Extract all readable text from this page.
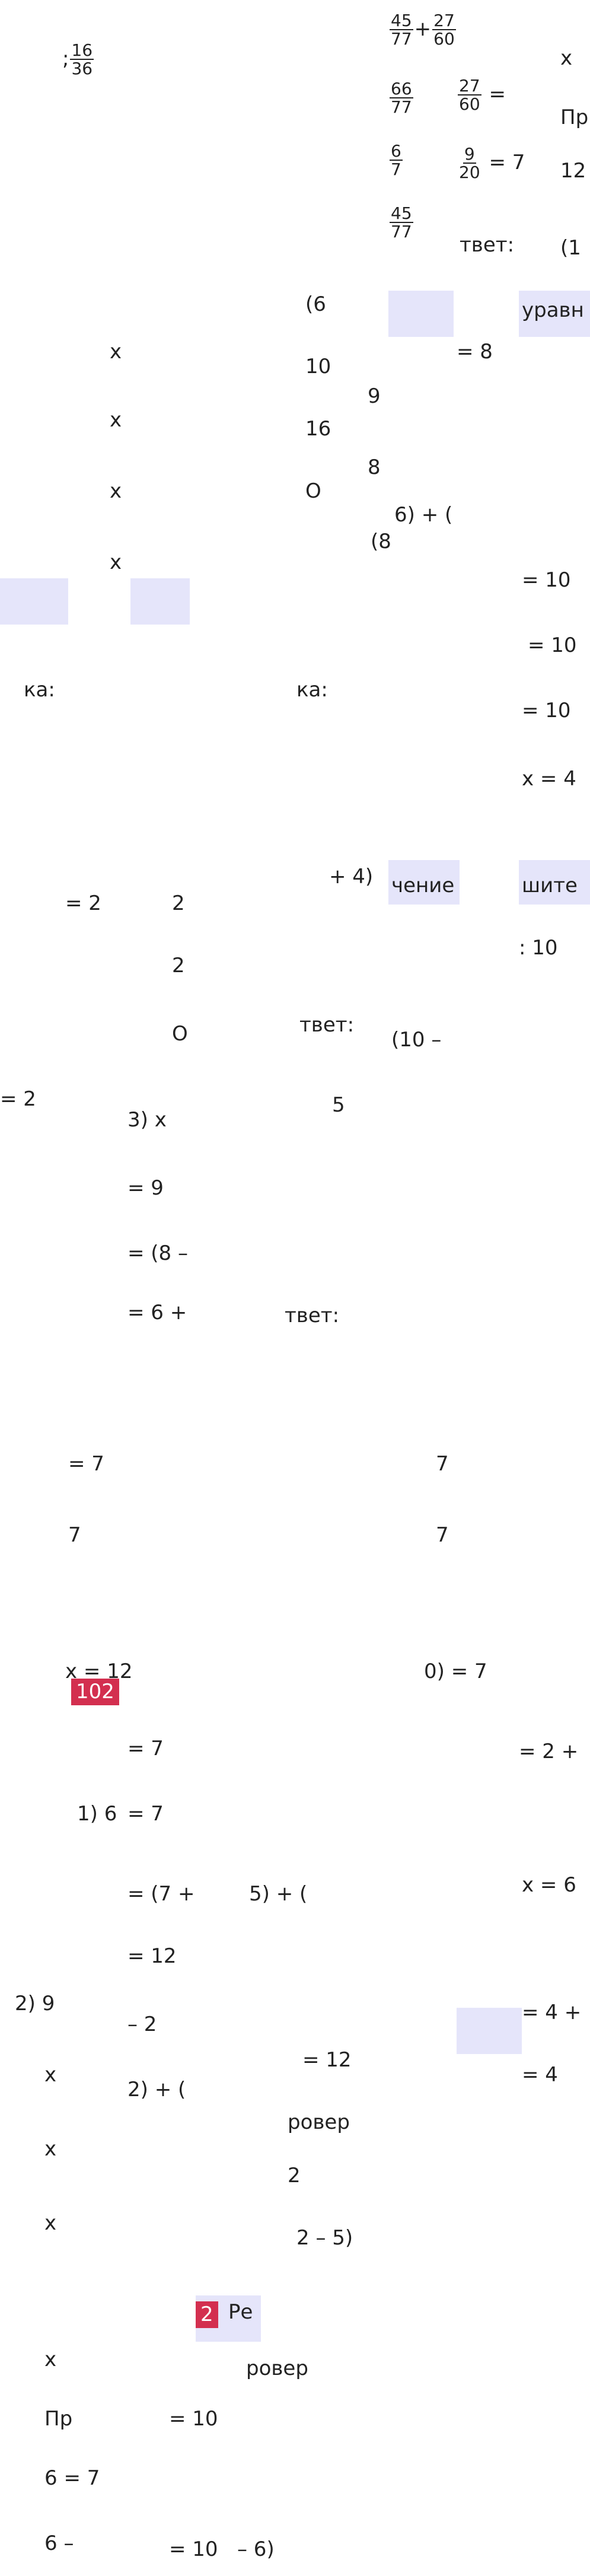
102
2 Ре
; $\frac{16}{36}$
x
x
x
x
ка:
= 2
= 2
= 7
7
x = 12
1) 6
2) 9
x
x
x
x
Пр
6 = 7
6 –
3) x
= 9
= (8 –
= 6 +
= 7
= 7
= (7 +
= 12
– 2
2) + (
2
2
O
= 10
= 10 – 6)
5
$\frac{45}{77} + \frac{27}{60}$
$\frac{66}{77}$
$\frac{6}{7}$
$\frac{45}{77}$
$\frac{27}{60}$ =
$\frac{9}{20} = 7$
твет:
x
Пр
12
(1
уравн
(6
10
16
O
9
8
6) + (
(8
= 8
ка:
+ 4) чение	шите
твет:
(10 –
твет:
7
7
0) = 7
5) + (
= 12
ровер
2
2 – 5)
ровер
= 10
= 10
= 10
x = 4
: 10
= 2 +
x = 6
= 4 +
= 4
